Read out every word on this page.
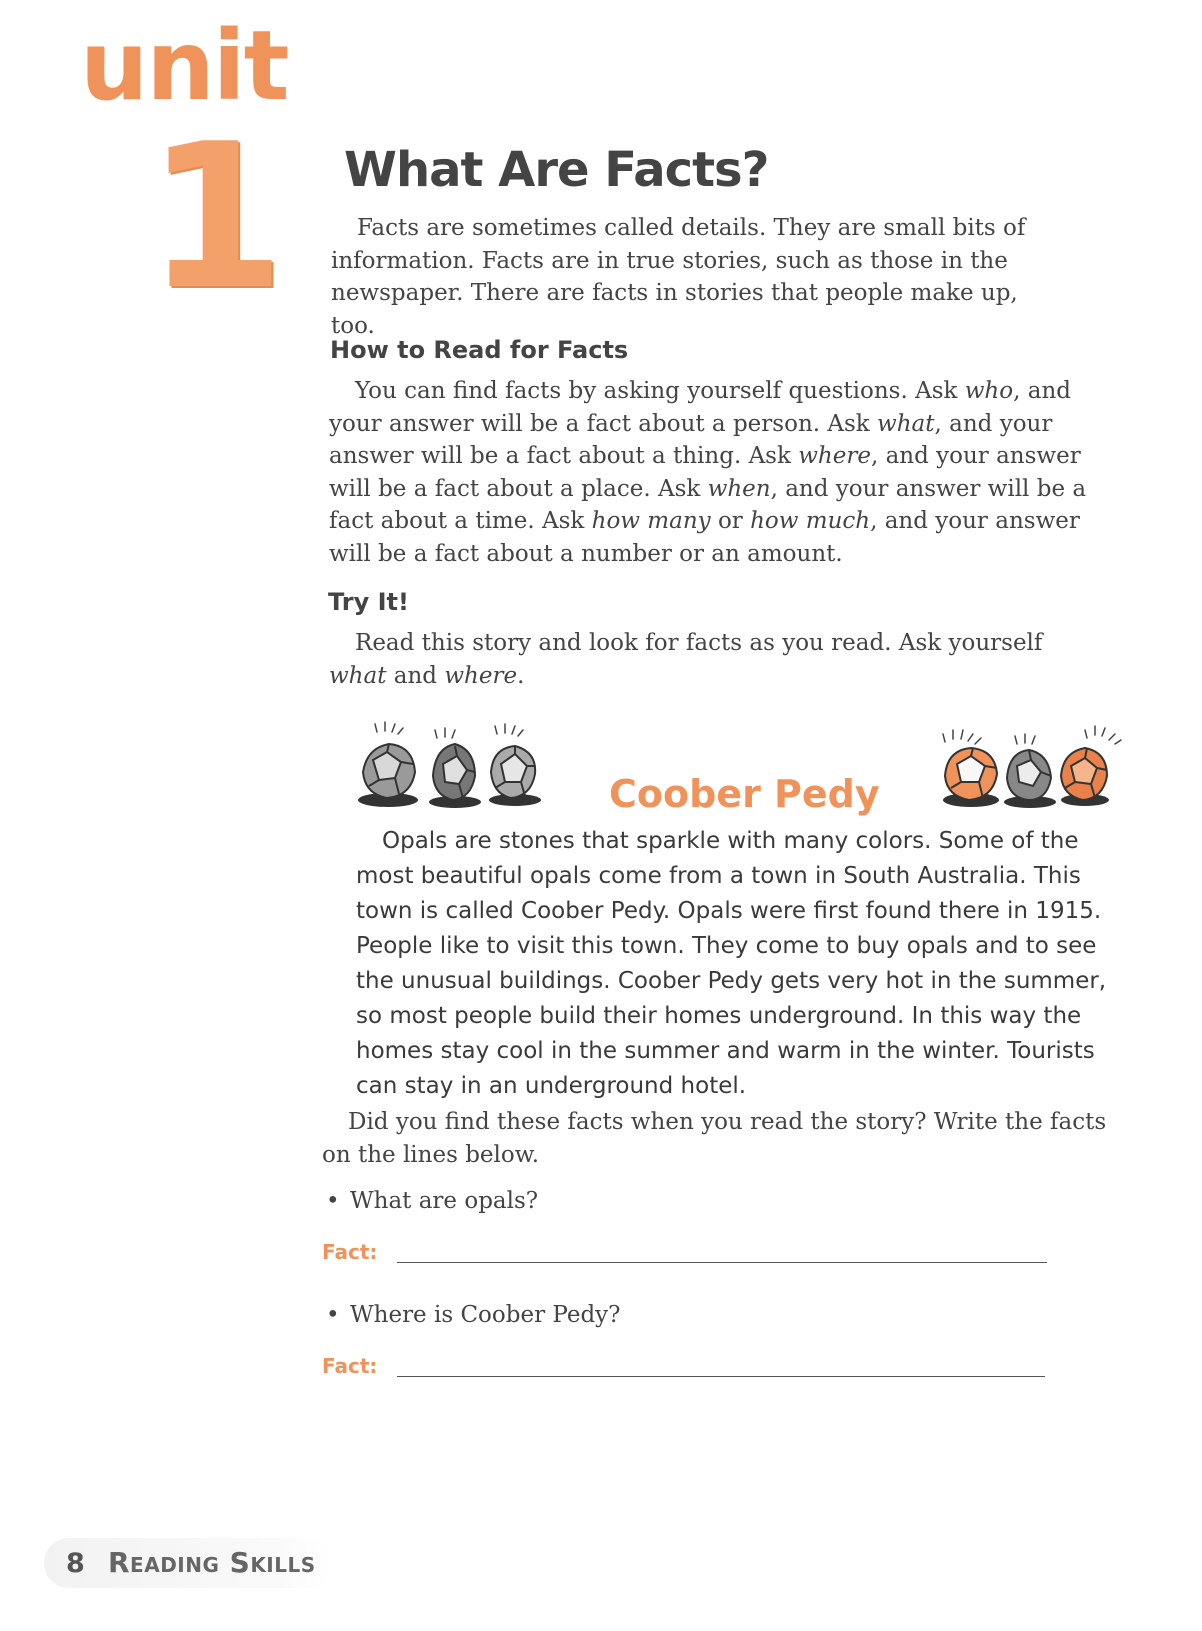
unit
1 What Are Facts?

Facts are sometimes called details. They are small bits of information. Facts are in true stories, such as those in the newspaper. There are facts in stories that people make up, too.

How to Read for Facts

You can find facts by asking yourself questions. Ask who, and your answer will be a fact about a person. Ask what, and your answer will be a fact about a thing. Ask where, and your answer will be a fact about a place. Ask when, and your answer will be a fact about a time. Ask how many or how much, and your answer will be a fact about a number or an amount.

Try It!

Read this story and look for facts as you read. Ask yourself what and where.

Coober Pedy

Opals are stones that sparkle with many colors. Some of the most beautiful opals come from a town in South Australia. This town is called Coober Pedy. Opals were first found there in 1915. People like to visit this town. They come to buy opals and to see the unusual buildings. Coober Pedy gets very hot in the summer, so most people build their homes underground. In this way the homes stay cool in the summer and warm in the winter. Tourists can stay in an underground hotel.

Did you find these facts when you read the story? Write the facts on the lines below.

• What are opals?

Fact:

• Where is Coober Pedy?

Fact:
8 Reading Skills
